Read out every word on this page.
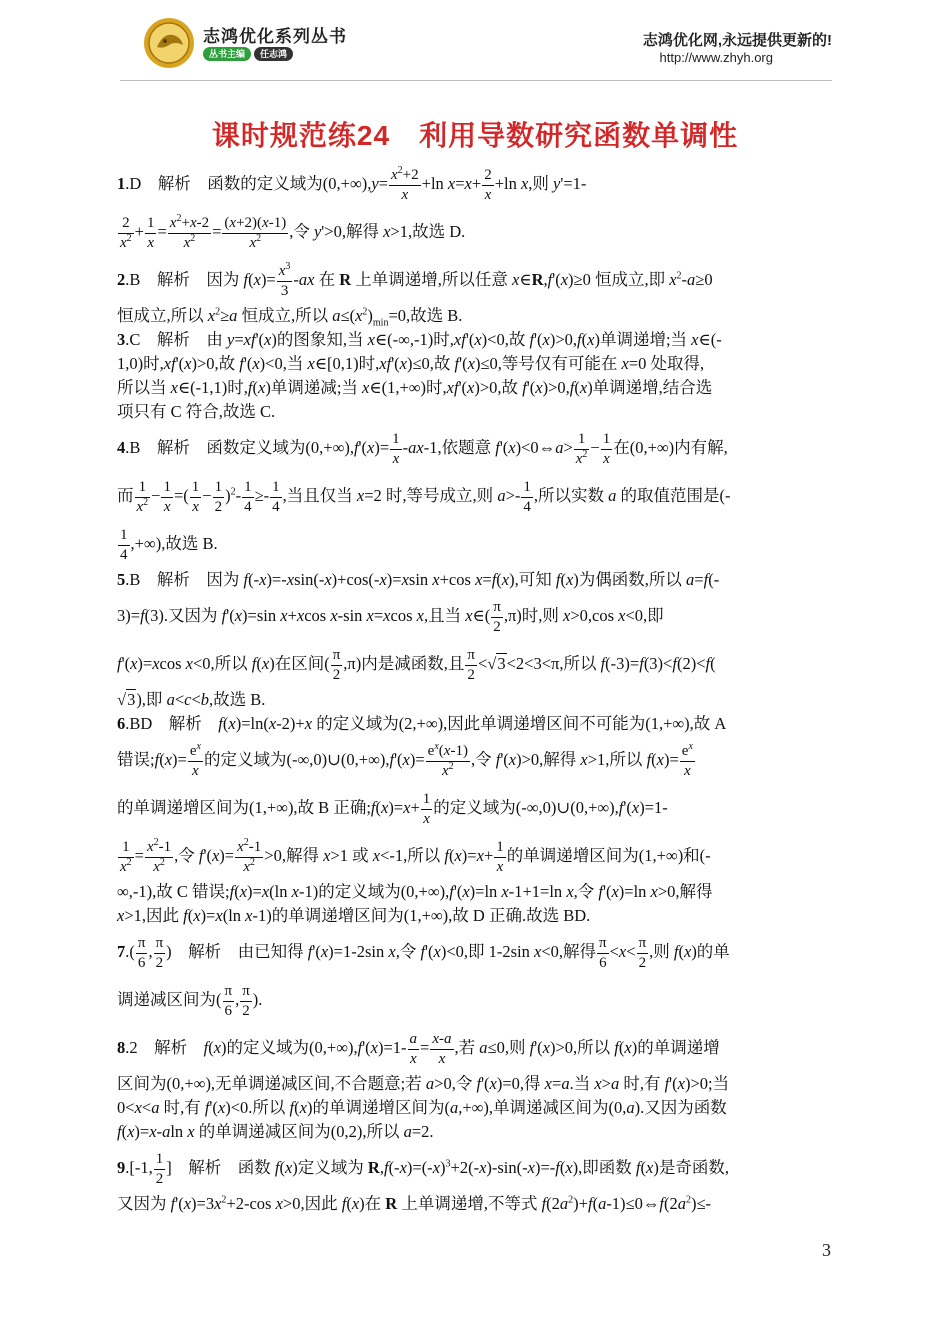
志鸿优化系列丛书
丛书主编 任志鸿
志鸿优化网,永远提供更新的!
http://www.zhyh.org
课时规范练24　利用导数研究函数单调性
1.D　解析　函数的定义域为$(0,+\infty),y= \frac{x^2+2}{x} +\ln$ $x=x+ \frac{2}{x} +\ln$ x,则 y'=1-
$\frac{2}{x^2} + \frac{1}{x} = \frac{x^2+x-2}{x^2} = \frac{(x+2)(x-1)}{x^2}$ ,令 y'>0,解得 x>1,故选 D.
2.B　解析　因为 $f(x)= \frac{x^3}{3} -ax$ 在 R 上单调递增,所以任意 x∈R,f'(x)≥0 恒成立,即 $x^2-a\ge 0$
恒成立,所以 $x^2\ge a$ 恒成立,所以 $a\le(x^2)_{min}=0$,故选 B.
3.C　解析　由 y=xf'(x)的图象知,当 x∈(-∞,-1)时,xf'(x)<0,故 f'(x)>0,f(x)单调递增;当 x∈(-
1,0)时,xf'(x)>0,故 f'(x)<0,当 x∈[0,1)时,xf'(x)≤0,故 f'(x)≤0,等号仅有可能在 x=0 处取得,
所以当 x∈(-1,1)时,f(x)单调递减;当 x∈(1,+∞)时,xf'(x)>0,故 f'(x)>0,f(x)单调递增,结合选
项只有 C 符合,故选 C.
4.B　解析　函数定义域为$(0,+\infty),f'(x)= \frac{1}{x} -ax-1$,依题意 f'(x)<0⇔a> $\frac{1}{x^2} - \frac{1}{x}$ 在(0,+∞)内有解,
而 $\frac{1}{x^2} - \frac{1}{x}$ =( $\frac{1}{x} - \frac{1}{2} )^2- \frac{1}{4} \ge- \frac{1}{4}$ ,当且仅当 x=2 时,等号成立,则 $a>- \frac{1}{4}$ ,所以实数 a 的取值范围是(-
$\frac{1}{4}$ ,+∞),故选 B.
5.B　解析　因为 f(-x)=-xsin(-x)+cos(-x)=xsin x+cos x=f(x),可知 f(x)为偶函数,所以 a=f(-
3)=f(3).又因为 f'(x)=sin x+xcos x-sin x=xcos x,且当 x∈( $\frac{\pi}{2} ,\pi$)时,则 x>0,cos x<0,即
f'(x)=xcos x<0,所以 f(x)在区间( $\frac{\pi}{2} ,\pi$)内是减函数,且 $\frac{\pi}{2} <√3<2<3<\pi$,所以 f(-3)=f(3)<f(2)<f(
√3),即 a<c<b,故选 B.
6.BD　解析　 f(x)=ln(x-2)+x 的定义域为(2,+∞),因此单调递增区间不可能为(1,+∞),故 A
错误;f(x)= $\frac{e^x}{x}$ 的定义域为(-∞,0)∪(0,+∞),f'(x)= $\frac{e^x(x-1)}{x^2}$ ,令 f'(x)>0,解得 x>1,所以 $f(x)= \frac{e^x}{x}$
的单调递增区间为(1,+∞),故 B 正确;f(x)=x+ $\frac{1}{x}$ 的定义域为(-∞,0)∪(0,+∞),f'(x)=1-
$\frac{1}{x^2} = \frac{x^2-1}{x^2}$ ,令 $f'(x)= \frac{x^2-1}{x^2} >0$,解得 x>1 或 x<-1,所以 $f(x)=x+ \frac{1}{x}$ 的单调递增区间为(1,+∞)和(-
∞,-1),故 C 错误;f(x)=x(ln x-1)的定义域为(0,+∞),f'(x)=ln x-1+1=ln x,令 f'(x)=ln x>0,解得
x>1,因此 f(x)=x(ln x-1)的单调递增区间为(1,+∞),故 D 正确.故选 BD.
$7.( \frac{\pi}{6}$ , $\frac{\pi}{2}$ )　解析　由已知得 f'(x)=1-2sin x,令 f'(x)<0,即 1-2sin x<0,解得 $\frac{\pi}{6} <x< \frac{\pi}{2}$ ,则 f(x)的单
调递减区间为( $\frac{\pi}{6}$ , $\frac{\pi}{2}$ ).
8.2　解析　 f(x)的定义域为$(0,+\infty),f'(x)=1- \frac{a}{x} = \frac{x-a}{x}$ ,若 a≤0,则 f'(x)>0,所以 f(x)的单调递增
区间为(0,+∞),无单调递减区间,不合题意;若 a>0,令 f'(x)=0,得 x=a.当 x>a 时,有 f'(x)>0;当
0<x<a 时,有 f'(x)<0.所以 f(x)的单调递增区间为(a,+∞),单调递减区间为(0,a).又因为函数
f(x)=x-aln x 的单调递减区间为(0,2),所以 a=2.
9.[-1, $\frac{1}{2}$ ]　解析　函数 f(x)定义域为 $R,f(-x)=(-x)^3+2(-x)-\sin(-x)=-f(x)$,即函数 f(x)是奇函数,
又因为 $f'(x)=3x^2+2-\cos$ x>0,因此 f(x)在 R 上单调递增,不等式 $f(2a^2)+f(a-1)\le 0\Leftrightarrow f(2a^2)\le-$
3
